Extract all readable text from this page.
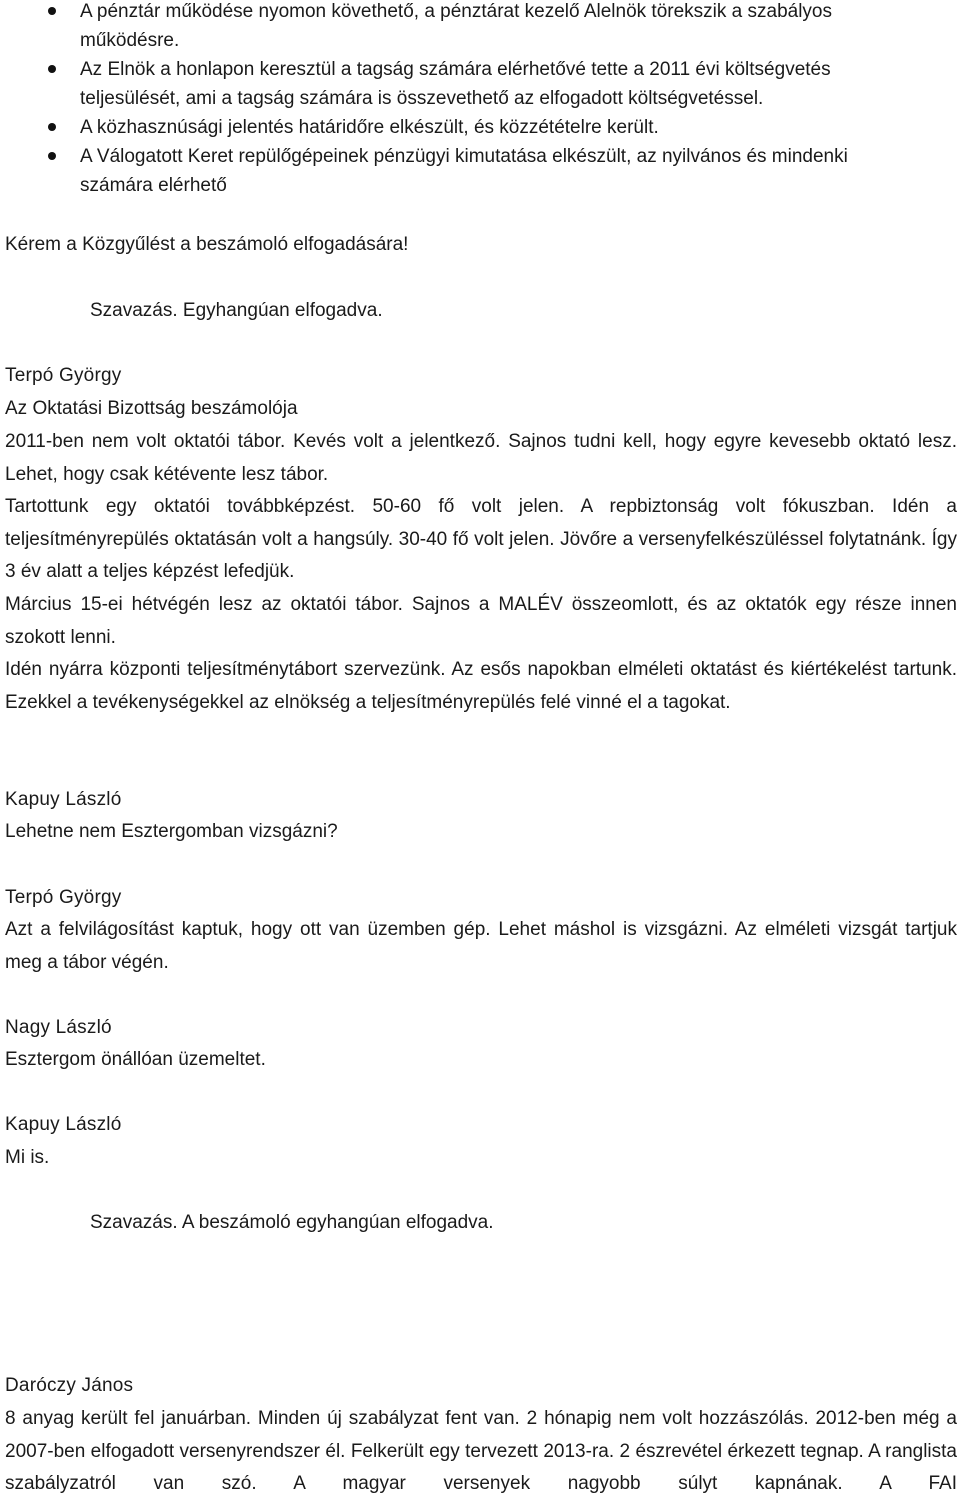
A pénztár működése nyomon követhető, a pénztárat kezelő Alelnök törekszik a szabályos működésre.
Az Elnök a honlapon keresztül a tagság számára elérhetővé tette a 2011 évi költségvetés teljesülését, ami a tagság számára is összevethető az elfogadott költségvetéssel.
A közhasznúsági jelentés határidőre elkészült, és közzétételre került.
A Válogatott Keret repülőgépeinek pénzügyi kimutatása elkészült, az nyilvános és mindenki számára elérhető

Kérem a Közgyűlést a beszámoló elfogadására!

Szavazás. Egyhangúan elfogadva.

Terpó György

Az Oktatási Bizottság beszámolója

2011-ben nem volt oktatói tábor. Kevés volt a jelentkező. Sajnos tudni kell, hogy egyre kevesebb oktató lesz. Lehet, hogy csak kétévente lesz tábor.

Tartottunk egy oktatói továbbképzést. 50-60 fő volt jelen. A repbiztonság volt fókuszban. Idén a teljesítményrepülés oktatásán volt a hangsúly. 30-40 fő volt jelen. Jövőre a versenyfelkészüléssel folytatnánk. Így 3 év alatt a teljes képzést lefedjük.

Március 15-ei hétvégén lesz az oktatói tábor. Sajnos a MALÉV összeomlott, és az oktatók egy része innen szokott lenni.

Idén nyárra központi teljesítménytábort szervezünk. Az esős napokban elméleti oktatást és kiértékelést tartunk. Ezekkel a tevékenységekkel az elnökség a teljesítményrepülés felé vinné el a tagokat.

Kapuy László

Lehetne nem Esztergomban vizsgázni?

Terpó György

Azt a felvilágosítást kaptuk, hogy ott van üzemben gép. Lehet máshol is vizsgázni. Az elméleti vizsgát tartjuk meg a tábor végén.

Nagy László

Esztergom önállóan üzemeltet.

Kapuy László

Mi is.

Szavazás. A beszámoló egyhangúan elfogadva.

Daróczy János

8 anyag került fel januárban. Minden új szabályzat fent van. 2 hónapig nem volt hozzászólás. 2012-ben még a 2007-ben elfogadott versenyrendszer él. Felkerült egy tervezett 2013-ra. 2 észrevétel érkezett tegnap. A ranglista szabályzatról van szó. A magyar versenyek nagyobb súlyt kapnának. A FAI
